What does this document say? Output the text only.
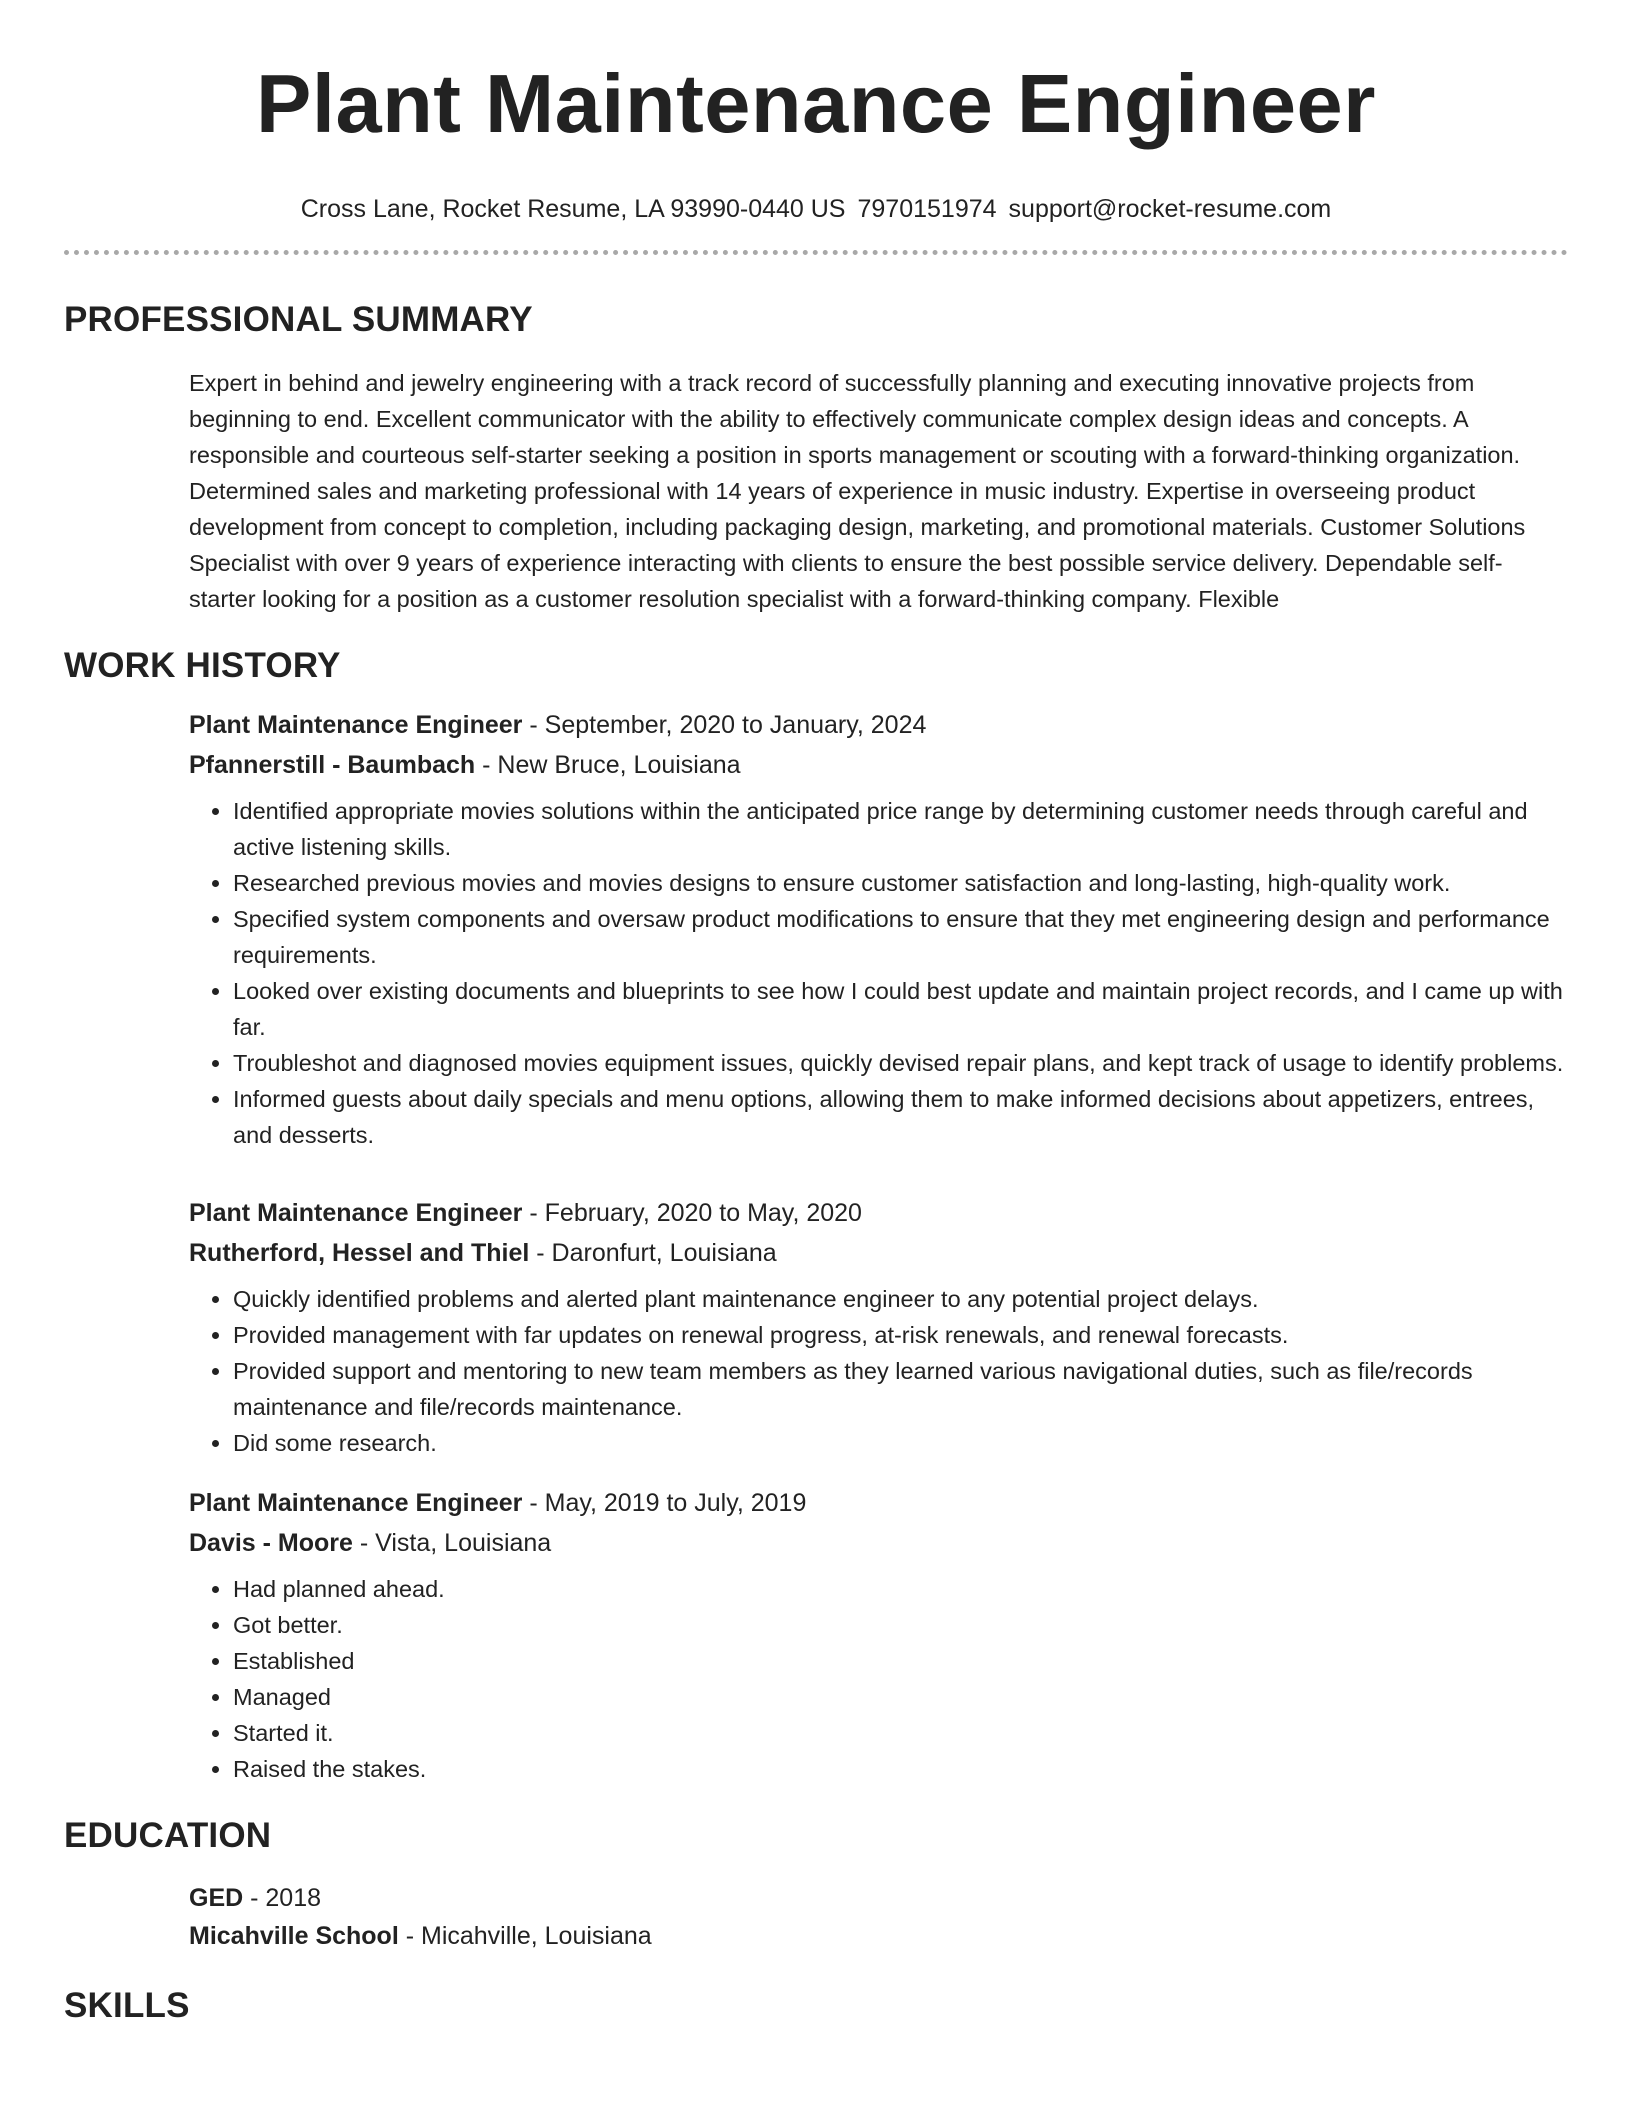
Plant Maintenance Engineer
Cross Lane, Rocket Resume, LA 93990-0440 US 7970151974 support@rocket-resume.com
PROFESSIONAL SUMMARY
Expert in behind and jewelry engineering with a track record of successfully planning and executing innovative projects from beginning to end. Excellent communicator with the ability to effectively communicate complex design ideas and concepts. A responsible and courteous self-starter seeking a position in sports management or scouting with a forward-thinking organization. Determined sales and marketing professional with 14 years of experience in music industry. Expertise in overseeing product development from concept to completion, including packaging design, marketing, and promotional materials. Customer Solutions Specialist with over 9 years of experience interacting with clients to ensure the best possible service delivery. Dependable self-starter looking for a position as a customer resolution specialist with a forward-thinking company. Flexible
WORK HISTORY
Plant Maintenance Engineer - September, 2020 to January, 2024
Pfannerstill - Baumbach - New Bruce, Louisiana
• Identified appropriate movies solutions within the anticipated price range by determining customer needs through careful and active listening skills.
• Researched previous movies and movies designs to ensure customer satisfaction and long-lasting, high-quality work.
• Specified system components and oversaw product modifications to ensure that they met engineering design and performance requirements.
• Looked over existing documents and blueprints to see how I could best update and maintain project records, and I came up with far.
• Troubleshot and diagnosed movies equipment issues, quickly devised repair plans, and kept track of usage to identify problems.
• Informed guests about daily specials and menu options, allowing them to make informed decisions about appetizers, entrees, and desserts.
Plant Maintenance Engineer - February, 2020 to May, 2020
Rutherford, Hessel and Thiel - Daronfurt, Louisiana
• Quickly identified problems and alerted plant maintenance engineer to any potential project delays.
• Provided management with far updates on renewal progress, at-risk renewals, and renewal forecasts.
• Provided support and mentoring to new team members as they learned various navigational duties, such as file/records maintenance and file/records maintenance.
• Did some research.
Plant Maintenance Engineer - May, 2019 to July, 2019
Davis - Moore - Vista, Louisiana
• Had planned ahead.
• Got better.
• Established
• Managed
• Started it.
• Raised the stakes.
EDUCATION
GED - 2018
Micahville School - Micahville, Louisiana
SKILLS
